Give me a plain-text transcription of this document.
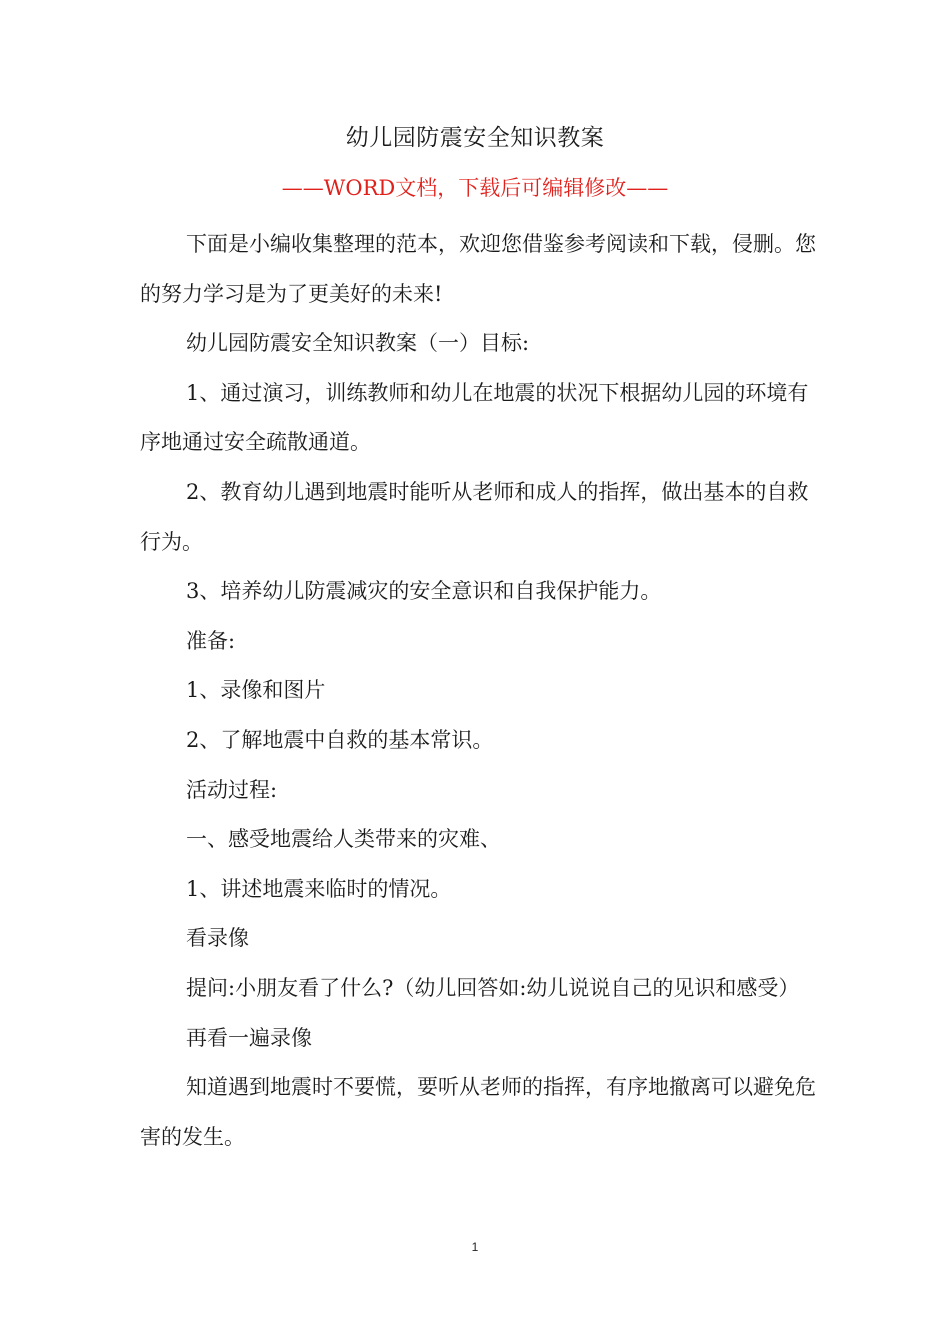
幼儿园防震安全知识教案
——WORD文档，下载后可编辑修改——

下面是小编收集整理的范本，欢迎您借鉴参考阅读和下载，侵删。您的努力学习是为了更美好的未来!

幼儿园防震安全知识教案（一）目标:

1、通过演习，训练教师和幼儿在地震的状况下根据幼儿园的环境有序地通过安全疏散通道。

2、教育幼儿遇到地震时能听从老师和成人的指挥，做出基本的自救行为。

3、培养幼儿防震减灾的安全意识和自我保护能力。

准备:

1、录像和图片

2、了解地震中自救的基本常识。

活动过程:

一、感受地震给人类带来的灾难、

1、讲述地震来临时的情况。

看录像

提问:小朋友看了什么?（幼儿回答如:幼儿说说自己的见识和感受）

再看一遍录像

知道遇到地震时不要慌，要听从老师的指挥，有序地撤离可以避免危害的发生。

1
